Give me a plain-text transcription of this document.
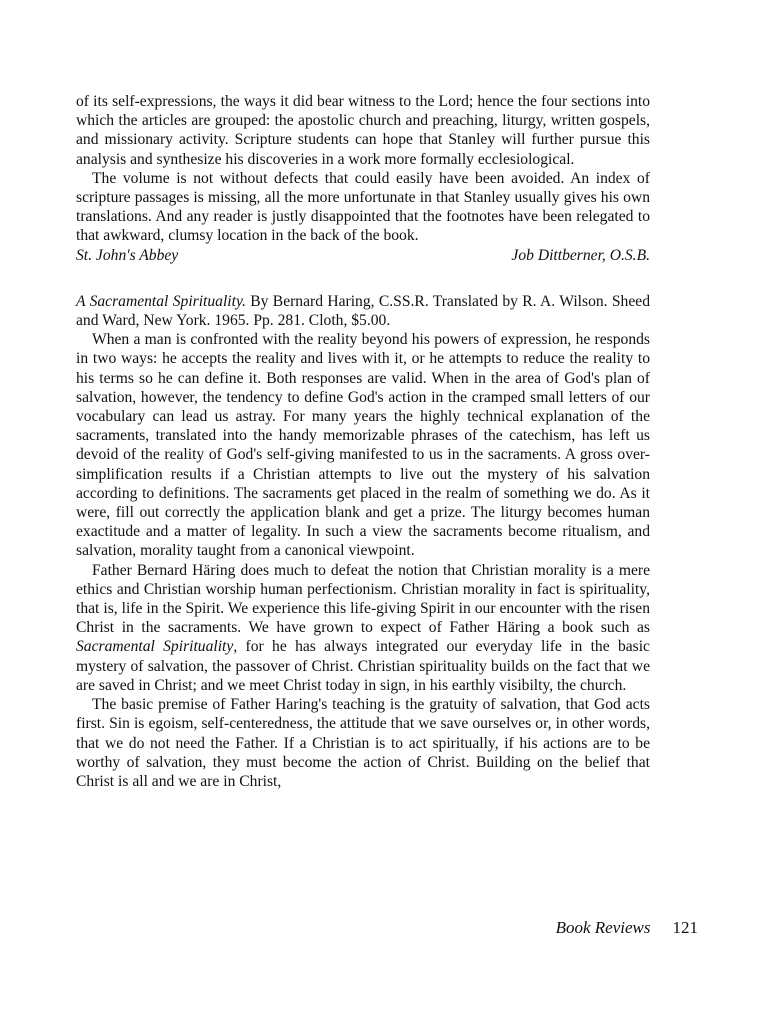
of its self-expressions, the ways it did bear witness to the Lord; hence the four sections into which the articles are grouped: the apostolic church and preaching, liturgy, written gospels, and missionary activity. Scripture students can hope that Stanley will further pursue this analysis and synthesize his discoveries in a work more formally ecclesiological.

The volume is not without defects that could easily have been avoided. An index of scripture passages is missing, all the more unfortunate in that Stanley usually gives his own translations. And any reader is justly disappointed that the footnotes have been relegated to that awkward, clumsy location in the back of the book.

St. John's Abbey	Job Dittberner, O.S.B.

A Sacramental Spirituality. By Bernard Haring, C.SS.R. Translated by R. A. Wilson. Sheed and Ward, New York. 1965. Pp. 281. Cloth, $5.00.

When a man is confronted with the reality beyond his powers of expression, he responds in two ways: he accepts the reality and lives with it, or he attempts to reduce the reality to his terms so he can define it. Both responses are valid. When in the area of God's plan of salvation, however, the tendency to define God's action in the cramped small letters of our vocabulary can lead us astray. For many years the highly technical explanation of the sacraments, translated into the handy memorizable phrases of the catechism, has left us devoid of the reality of God's self-giving manifested to us in the sacraments. A gross over-simplification results if a Christian attempts to live out the mystery of his salvation according to definitions. The sacraments get placed in the realm of something we do. As it were, fill out correctly the application blank and get a prize. The liturgy becomes human exactitude and a matter of legality. In such a view the sacraments become ritualism, and salvation, morality taught from a canonical viewpoint.

Father Bernard Häring does much to defeat the notion that Christian morality is a mere ethics and Christian worship human perfectionism. Christian morality in fact is spirituality, that is, life in the Spirit. We experience this life-giving Spirit in our encounter with the risen Christ in the sacraments. We have grown to expect of Father Häring a book such as Sacramental Spirituality, for he has always integrated our everyday life in the basic mystery of salvation, the passover of Christ. Christian spirituality builds on the fact that we are saved in Christ; and we meet Christ today in sign, in his earthly visibilty, the church.

The basic premise of Father Haring's teaching is the gratuity of salvation, that God acts first. Sin is egoism, self-centeredness, the attitude that we save ourselves or, in other words, that we do not need the Father. If a Christian is to act spiritually, if his actions are to be worthy of salvation, they must become the action of Christ. Building on the belief that Christ is all and we are in Christ,

Book Reviews 121
